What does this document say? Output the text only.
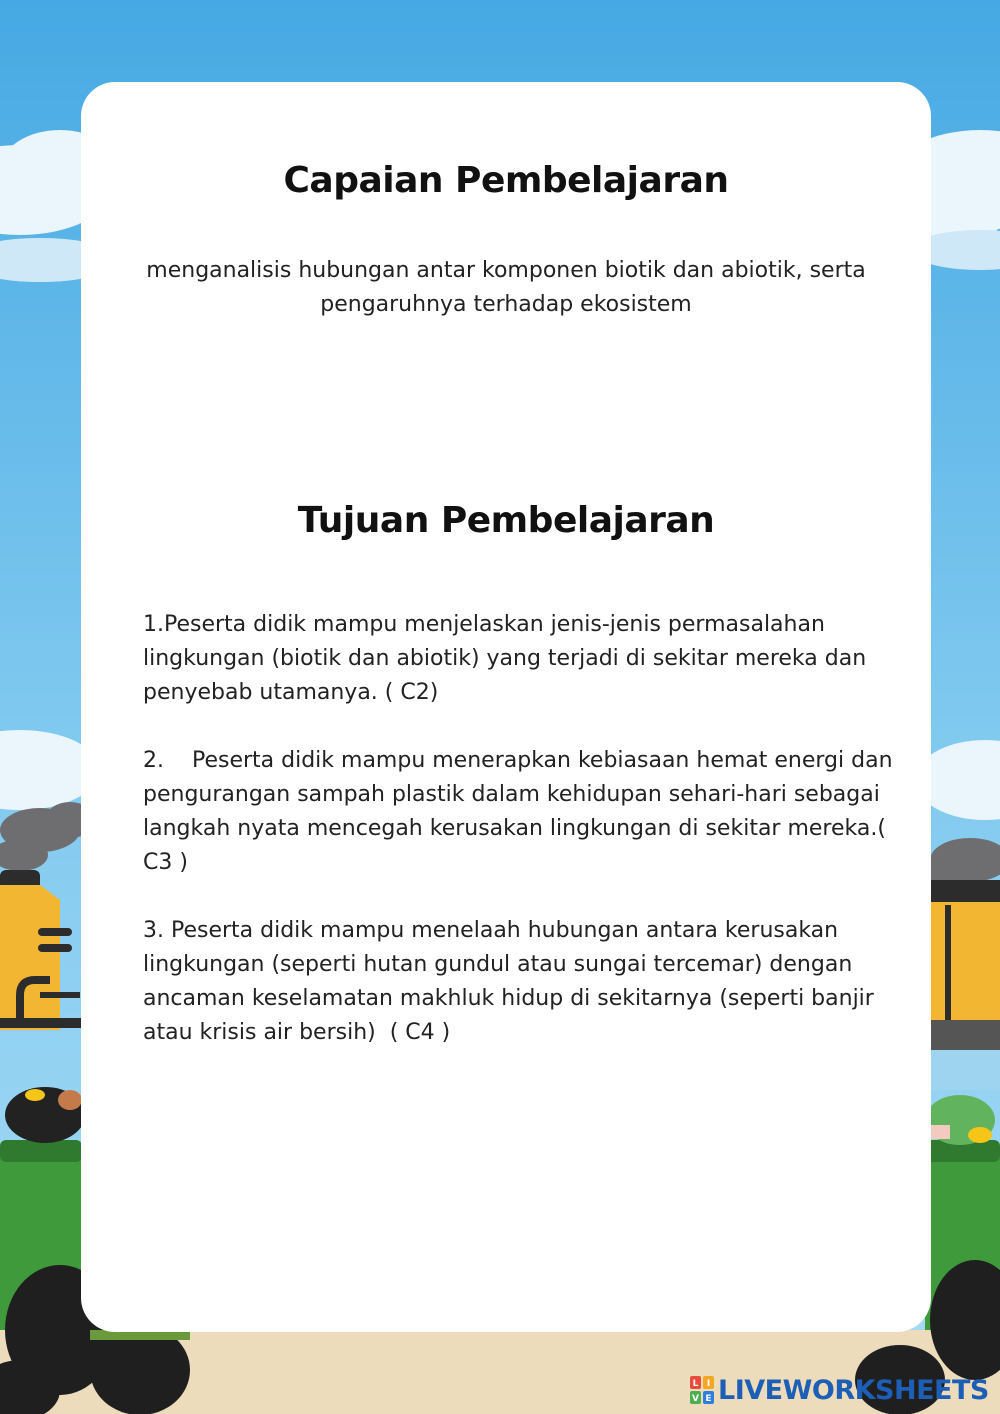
Capaian Pembelajaran

menganalisis hubungan antar komponen biotik dan abiotik, serta pengaruhnya terhadap ekosistem

Tujuan Pembelajaran

1.Peserta didik mampu menjelaskan jenis-jenis permasalahan lingkungan (biotik dan abiotik) yang terjadi di sekitar mereka dan penyebab utamanya. ( C2)

2.    Peserta didik mampu menerapkan kebiasaan hemat energi dan pengurangan sampah plastik dalam kehidupan sehari-hari sebagai langkah nyata mencegah kerusakan lingkungan di sekitar mereka.( C3 )

3. Peserta didik mampu menelaah hubungan antara kerusakan lingkungan (seperti hutan gundul atau sungai tercemar) dengan ancaman keselamatan makhluk hidup di sekitarnya (seperti banjir atau krisis air bersih)  ( C4 )

L I
V E LIVEWORKSHEETS
